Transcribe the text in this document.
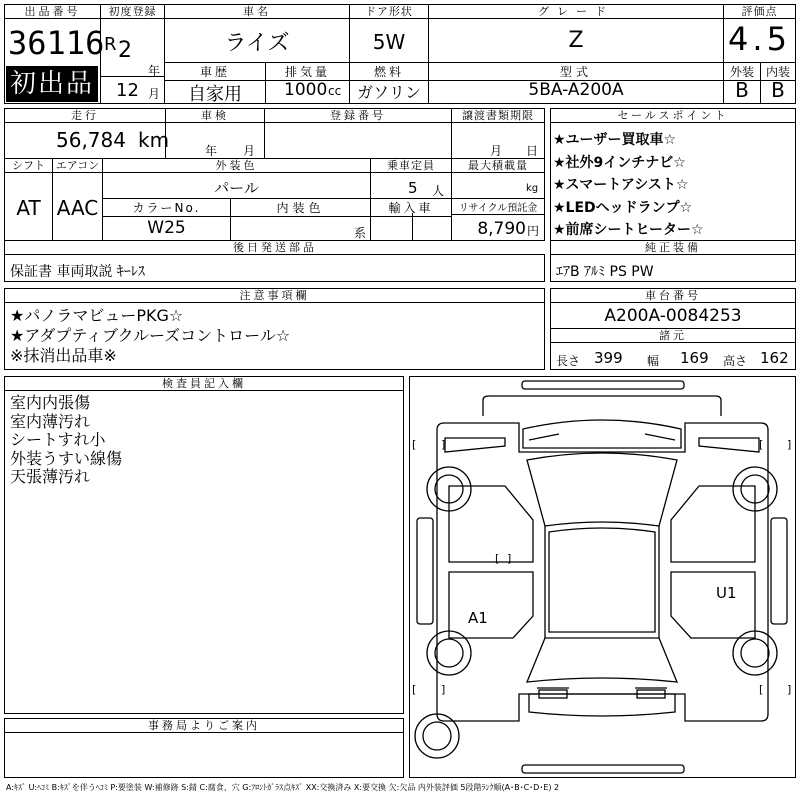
出品番号
36116
初出品
初度登録
R 2
年
12 月
車名
ライズ
車歴
自家用
排気量
1000 cc
ドア形状
5W
燃料
ガソリン
グレード
Z
型式
5BA-A200A
評価点
4.5
外装 内装
B	B
走行
56,784 km
車検
年 月
登録番号	譲渡書類期限
月 日
シフト
AT
エアコン
AAC
外装色
パール
乗車定員
5	人
最大積載量
kg
カラーNo.
W25
内装色
系
輸入車	リサイクル預託金
8,790 円
後日発送部品
保証書 車両取説 ｷｰﾚｽ
セールスポイント
★ユーザー買取車☆
★社外9インチナビ☆
★スマートアシスト☆
★LEDヘッドランプ☆
★前席シートヒーター☆
純正装備
ｴｱB ｱﾙﾐ PS PW
注意事項欄
★パノラマビューPKG☆
★アダプティブクルーズコントロール☆
※抹消出品車※
車台番号
A200A-0084253
諸元
長さ 399	幅 169	高さ 162
検査員記入欄
室内内張傷
室内薄汚れ
シートすれ小
外装うすい線傷
天張薄汚れ
事務局よりご案内
[ ]	[ ]
[ ]	[ ]
[ ]
A1
U1
A:ｷｽﾞ U:ﾍｺﾐ B:ｷｽﾞを伴うﾍｺﾐ P:要塗装 W:補修跡 S:錆 C:腐食、穴 G:ﾌﾛﾝﾄｶﾞﾗｽ点ｷｽﾞ XX:交換済み X:要交換 欠:欠品 内外装評価 5段階ﾗﾝｸ順(A･B･C･D･E) 2
